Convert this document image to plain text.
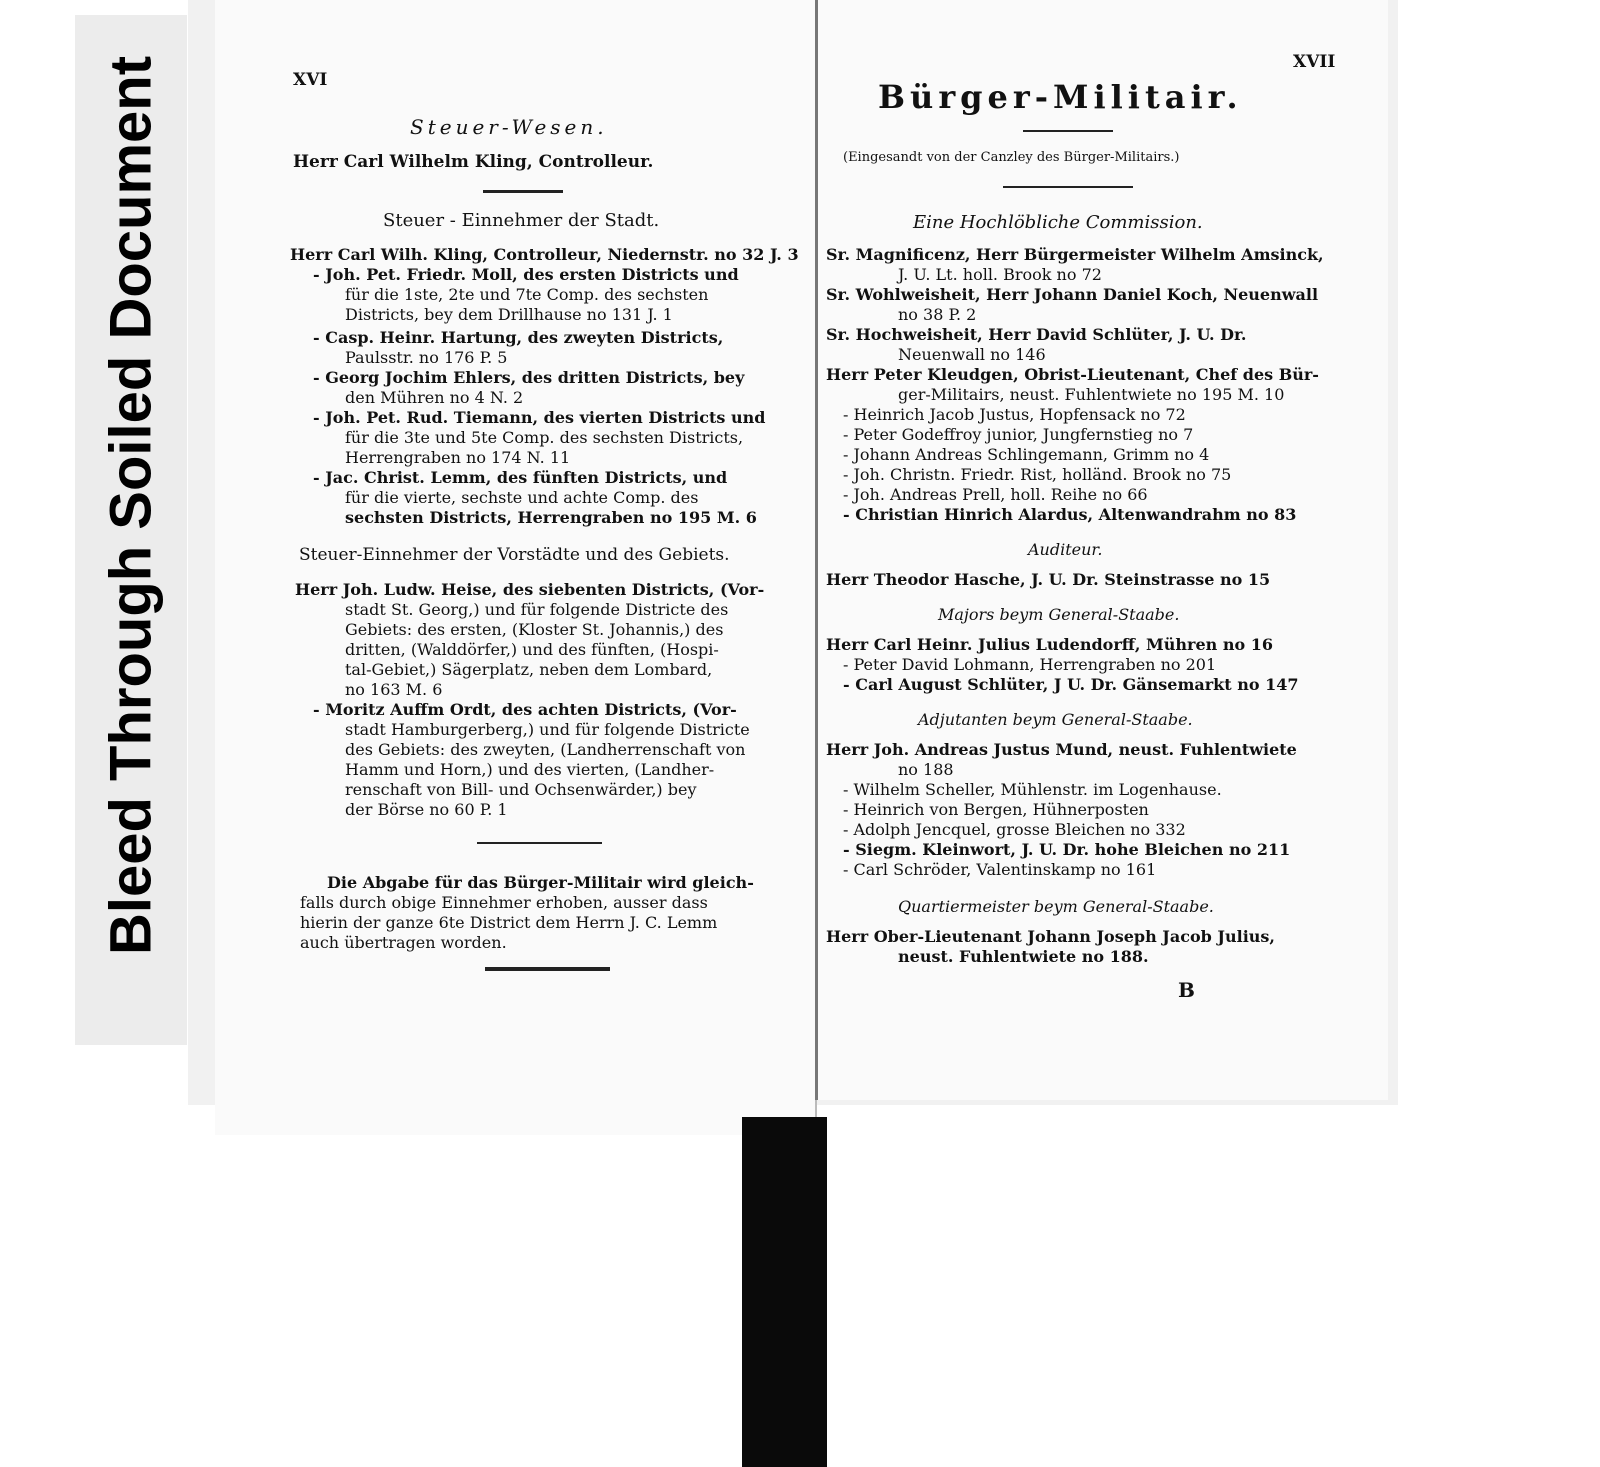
Bleed Through Soiled Document	XVI
Steuer-Wesen.
Herr Carl Wilhelm Kling, Controlleur.
Steuer - Einnehmer der Stadt.
Herr Carl Wilh. Kling, Controlleur, Niedernstr. no 32 J. 3
- Joh. Pet. Friedr. Moll, des ersten Districts und
für die 1ste, 2te und 7te Comp. des sechsten
Districts, bey dem Drillhause no 131 J. 1
- Casp. Heinr. Hartung, des zweyten Districts,
Paulsstr. no 176 P. 5
- Georg Jochim Ehlers, des dritten Districts, bey
den Mühren no 4 N. 2
- Joh. Pet. Rud. Tiemann, des vierten Districts und
für die 3te und 5te Comp. des sechsten Districts,
Herrengraben no 174 N. 11
- Jac. Christ. Lemm, des fünften Districts, und
für die vierte, sechste und achte Comp. des
sechsten Districts, Herrengraben no 195 M. 6
Steuer-Einnehmer der Vorstädte und des Gebiets.
Herr Joh. Ludw. Heise, des siebenten Districts, (Vor-
stadt St. Georg,) und für folgende Districte des
Gebiets: des ersten, (Kloster St. Johannis,) des
dritten, (Walddörfer,) und des fünften, (Hospi-
tal-Gebiet,) Sägerplatz, neben dem Lombard,
no 163 M. 6
- Moritz Auffm Ordt, des achten Districts, (Vor-
stadt Hamburgerberg,) und für folgende Districte
des Gebiets: des zweyten, (Landherrenschaft von
Hamm und Horn,) und des vierten, (Landher-
renschaft von Bill- und Ochsenwärder,) bey
der Börse no 60 P. 1
Die Abgabe für das Bürger-Militair wird gleich-
falls durch obige Einnehmer erhoben, ausser dass
hierin der ganze 6te District dem Herrn J. C. Lemm
auch übertragen worden.
XVII
Bürger-Militair.
(Eingesandt von der Canzley des Bürger-Militairs.)
Eine Hochlöbliche Commission.
Sr. Magnificenz, Herr Bürgermeister Wilhelm Amsinck,
J. U. Lt. holl. Brook no 72
Sr. Wohlweisheit, Herr Johann Daniel Koch, Neuenwall
no 38 P. 2
Sr. Hochweisheit, Herr David Schlüter, J. U. Dr.
Neuenwall no 146
Herr Peter Kleudgen, Obrist-Lieutenant, Chef des Bür-
ger-Militairs, neust. Fuhlentwiete no 195 M. 10
- Heinrich Jacob Justus, Hopfensack no 72
- Peter Godeffroy junior, Jungfernstieg no 7
- Johann Andreas Schlingemann, Grimm no 4
- Joh. Christn. Friedr. Rist, holländ. Brook no 75
- Joh. Andreas Prell, holl. Reihe no 66
- Christian Hinrich Alardus, Altenwandrahm no 83
Auditeur.
Herr Theodor Hasche, J. U. Dr. Steinstrasse no 15
Majors beym General-Staabe.
Herr Carl Heinr. Julius Ludendorff, Mühren no 16
- Peter David Lohmann, Herrengraben no 201
- Carl August Schlüter, J U. Dr. Gänsemarkt no 147
Adjutanten beym General-Staabe.
Herr Joh. Andreas Justus Mund, neust. Fuhlentwiete
no 188
- Wilhelm Scheller, Mühlenstr. im Logenhause.
- Heinrich von Bergen, Hühnerposten
- Adolph Jencquel, grosse Bleichen no 332
- Siegm. Kleinwort, J. U. Dr. hohe Bleichen no 211
- Carl Schröder, Valentinskamp no 161
Quartiermeister beym General-Staabe.
Herr Ober-Lieutenant Johann Joseph Jacob Julius,
neust. Fuhlentwiete no 188.
B
